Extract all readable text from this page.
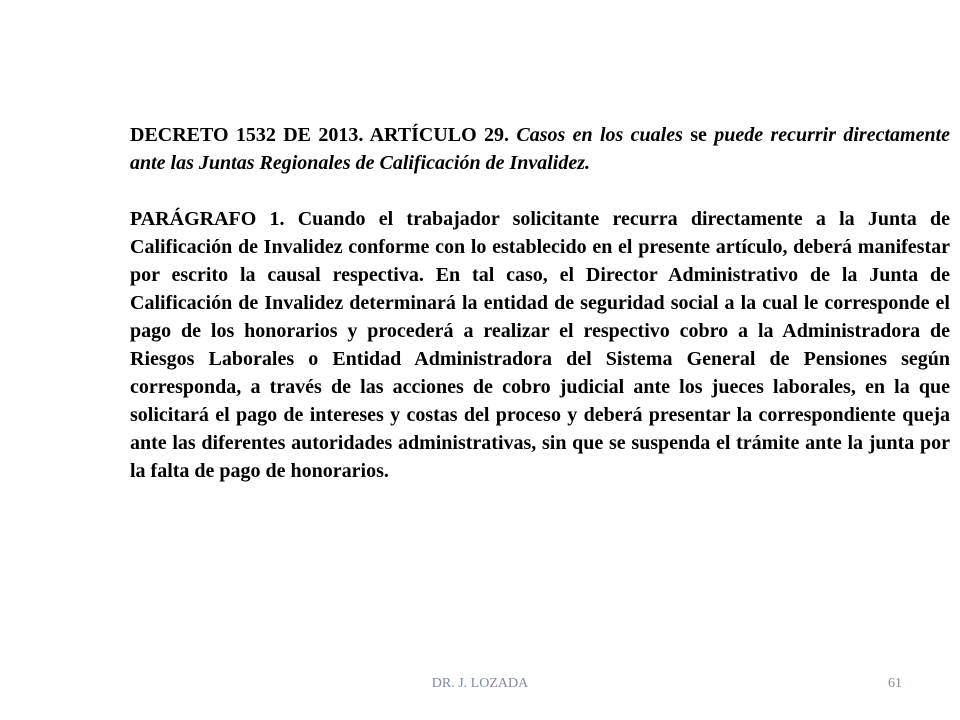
DECRETO 1532 DE 2013. ARTÍCULO 29. Casos en los cuales se puede recurrir directamente ante las Juntas Regionales de Calificación de Invalidez.

PARÁGRAFO 1. Cuando el trabajador solicitante recurra directamente a la Junta de Calificación de Invalidez conforme con lo establecido en el presente artículo, deberá manifestar por escrito la causal respectiva. En tal caso, el Director Administrativo de la Junta de Calificación de Invalidez determinará la entidad de seguridad social a la cual le corresponde el pago de los honorarios y procederá a realizar el respectivo cobro a la Administradora de Riesgos Laborales o Entidad Administradora del Sistema General de Pensiones según corresponda, a través de las acciones de cobro judicial ante los jueces laborales, en la que solicitará el pago de intereses y costas del proceso y deberá presentar la correspondiente queja ante las diferentes autoridades administrativas, sin que se suspenda el trámite ante la junta por la falta de pago de honorarios.

DR. J. LOZADA	61
